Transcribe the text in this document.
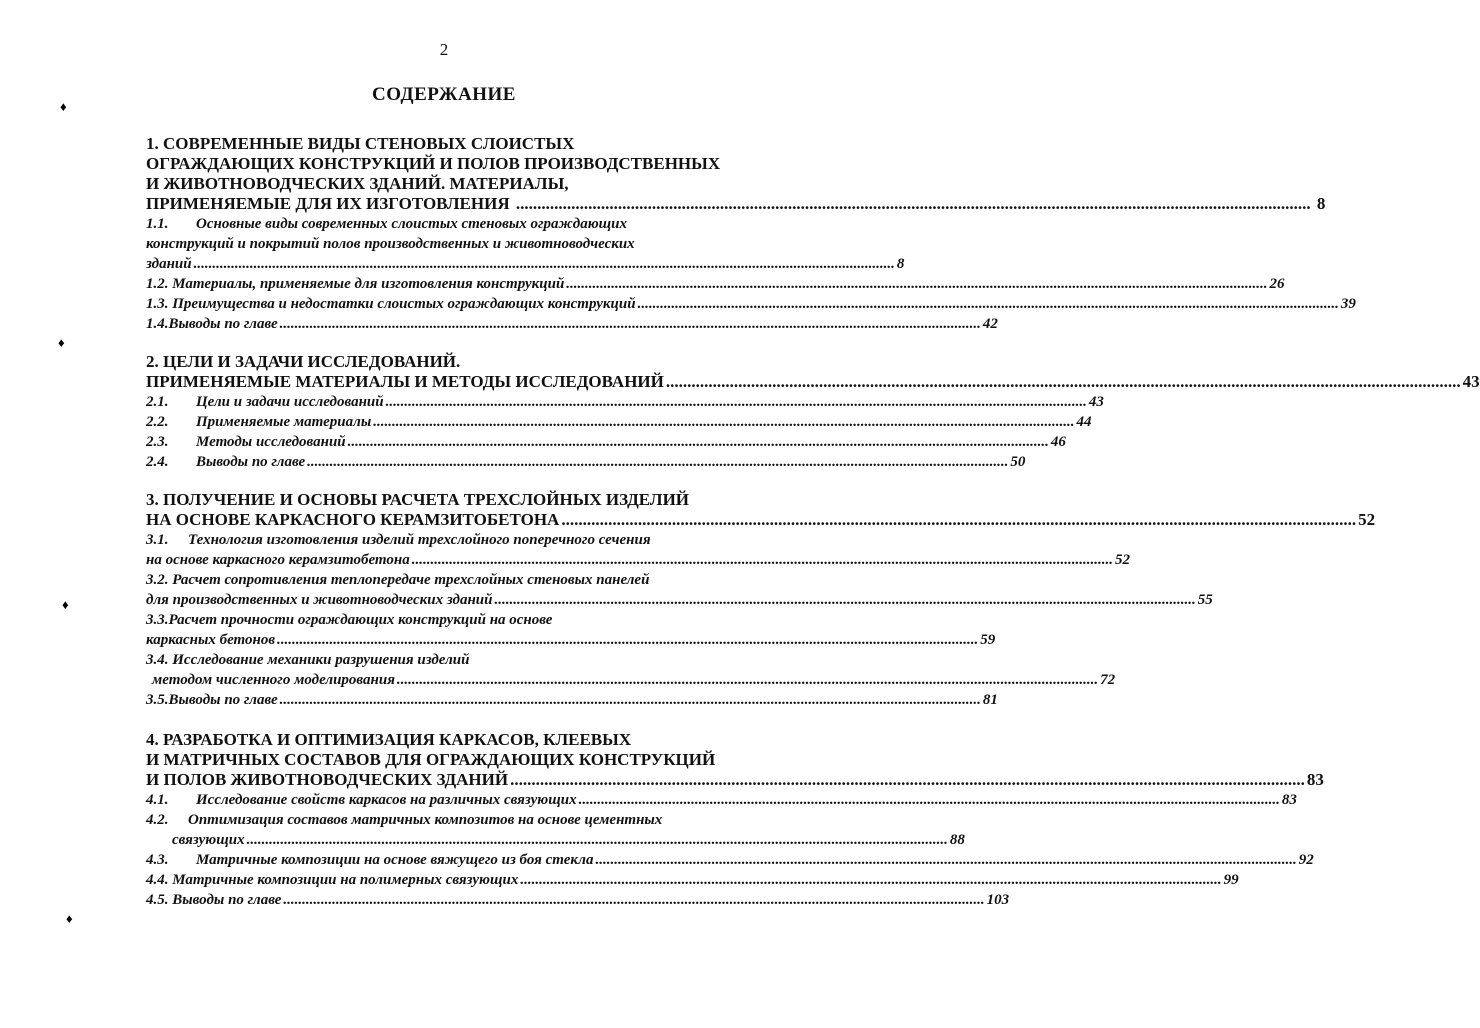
2
СОДЕРЖАНИЕ
♦
♦
♦
♦
1. СОВРЕМЕННЫЕ ВИДЫ СТЕНОВЫХ СЛОИСТЫХ
ОГРАЖДАЮЩИХ КОНСТРУКЦИЙ И ПОЛОВ ПРОИЗВОДСТВЕННЫХ
И ЖИВОТНОВОДЧЕСКИХ ЗДАНИЙ. МАТЕРИАЛЫ,
ПРИМЕНЯЕМЫЕ ДЛЯ ИХ ИЗГОТОВЛЕНИЯ .....	8
1.1. Основные виды современных слоистых стеновых ограждающих
конструкций и покрытий полов производственных и животноводческих
зданий .....	8
1.2. Материалы, применяемые для изготовления конструкций .....	26
1.3. Преимущества и недостатки слоистых ограждающих конструкций .....	39
1.4.Выводы по главе .....	42
2. ЦЕЛИ И ЗАДАЧИ ИССЛЕДОВАНИЙ.
ПРИМЕНЯЕМЫЕ МАТЕРИАЛЫ И МЕТОДЫ ИССЛЕДОВАНИЙ .....	43
2.1. Цели и задачи исследований .....	43
2.2. Применяемые материалы .....	44
2.3. Методы исследований .....	46
2.4. Выводы по главе .....	50
3. ПОЛУЧЕНИЕ И ОСНОВЫ РАСЧЕТА ТРЕХСЛОЙНЫХ ИЗДЕЛИЙ
НА ОСНОВЕ КАРКАСНОГО КЕРАМЗИТОБЕТОНА .....	52
3.1. Технология изготовления изделий трехслойного поперечного сечения
на основе каркасного керамзитобетона .....	52
3.2. Расчет сопротивления теплопередаче трехслойных стеновых панелей
для производственных и животноводческих зданий .....	55
3.3.Расчет прочности ограждающих конструкций на основе
каркасных бетонов .....	59
3.4. Исследование механики разрушения изделий
методом численного моделирования .....	72
3.5.Выводы по главе .....	81
4. РАЗРАБОТКА И ОПТИМИЗАЦИЯ КАРКАСОВ, КЛЕЕВЫХ
И МАТРИЧНЫХ СОСТАВОВ ДЛЯ ОГРАЖДАЮЩИХ КОНСТРУКЦИЙ
И ПОЛОВ ЖИВОТНОВОДЧЕСКИХ ЗДАНИЙ .....	83
4.1. Исследование свойств каркасов на различных связующих .....	83
4.2. Оптимизация составов матричных композитов на основе цементных
связующих .....	88
4.3. Матричные композиции на основе вяжущего из боя стекла .....	92
4.4. Матричные композиции на полимерных связующих .....	99
4.5. Выводы по главе .....	103
